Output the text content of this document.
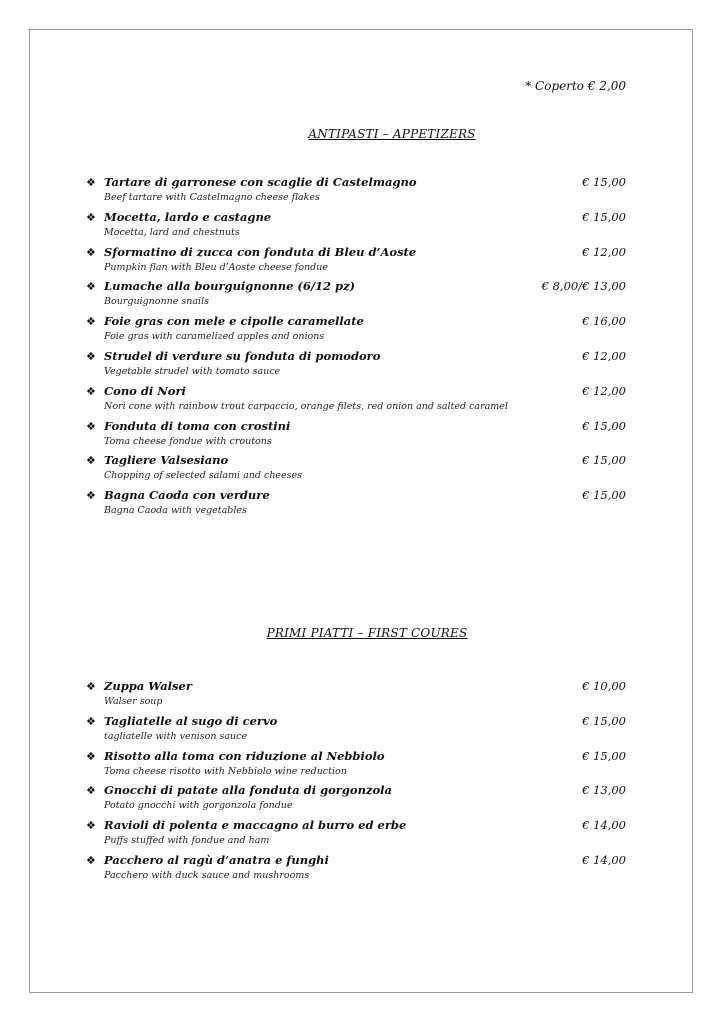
* Coperto € 2,00
ANTIPASTI – APPETIZERS
❖ Tartare di garronese con scaglie di Castelmagno	€ 15,00
Beef tartare with Castelmagno cheese flakes
❖ Mocetta, lardo e castagne	€ 15,00
Mocetta, lard and chestnuts
❖ Sformatino di zucca con fonduta di Bleu d’Aoste	€ 12,00
Pumpkin flan with Bleu d’Aoste cheese fondue
❖ Lumache alla bourguignonne (6/12 pz)	€ 8,00/€ 13,00
Bourguignonne snails
❖ Foie gras con mele e cipolle caramellate	€ 16,00
Foie gras with caramelized apples and onions
❖ Strudel di verdure su fonduta di pomodoro	€ 12,00
Vegetable strudel with tomato sauce
❖ Cono di Nori	€ 12,00
Nori cone with rainbow trout carpaccio, orange filets, red onion and salted caramel
❖ Fonduta di toma con crostini	€ 15,00
Toma cheese fondue with croutons
❖ Tagliere Valsesiano	€ 15,00
Chopping of selected salami and cheeses
❖ Bagna Caoda con verdure	€ 15,00
Bagna Caoda with vegetables
PRIMI PIATTI – FIRST COURES
❖ Zuppa Walser	€ 10,00
Walser soup
❖ Tagliatelle al sugo di cervo	€ 15,00
tagliatelle with venison sauce
❖ Risotto alla toma con riduzione al Nebbiolo	€ 15,00
Toma cheese risotto with Nebbiolo wine reduction
❖ Gnocchi di patate alla fonduta di gorgonzola	€ 13,00
Potato gnocchi with gorgonzola fondue
❖ Ravioli di polenta e maccagno al burro ed erbe	€ 14,00
Puffs stuffed with fondue and ham
❖ Pacchero al ragù d’anatra e funghi	€ 14,00
Pacchero with duck sauce and mushrooms
